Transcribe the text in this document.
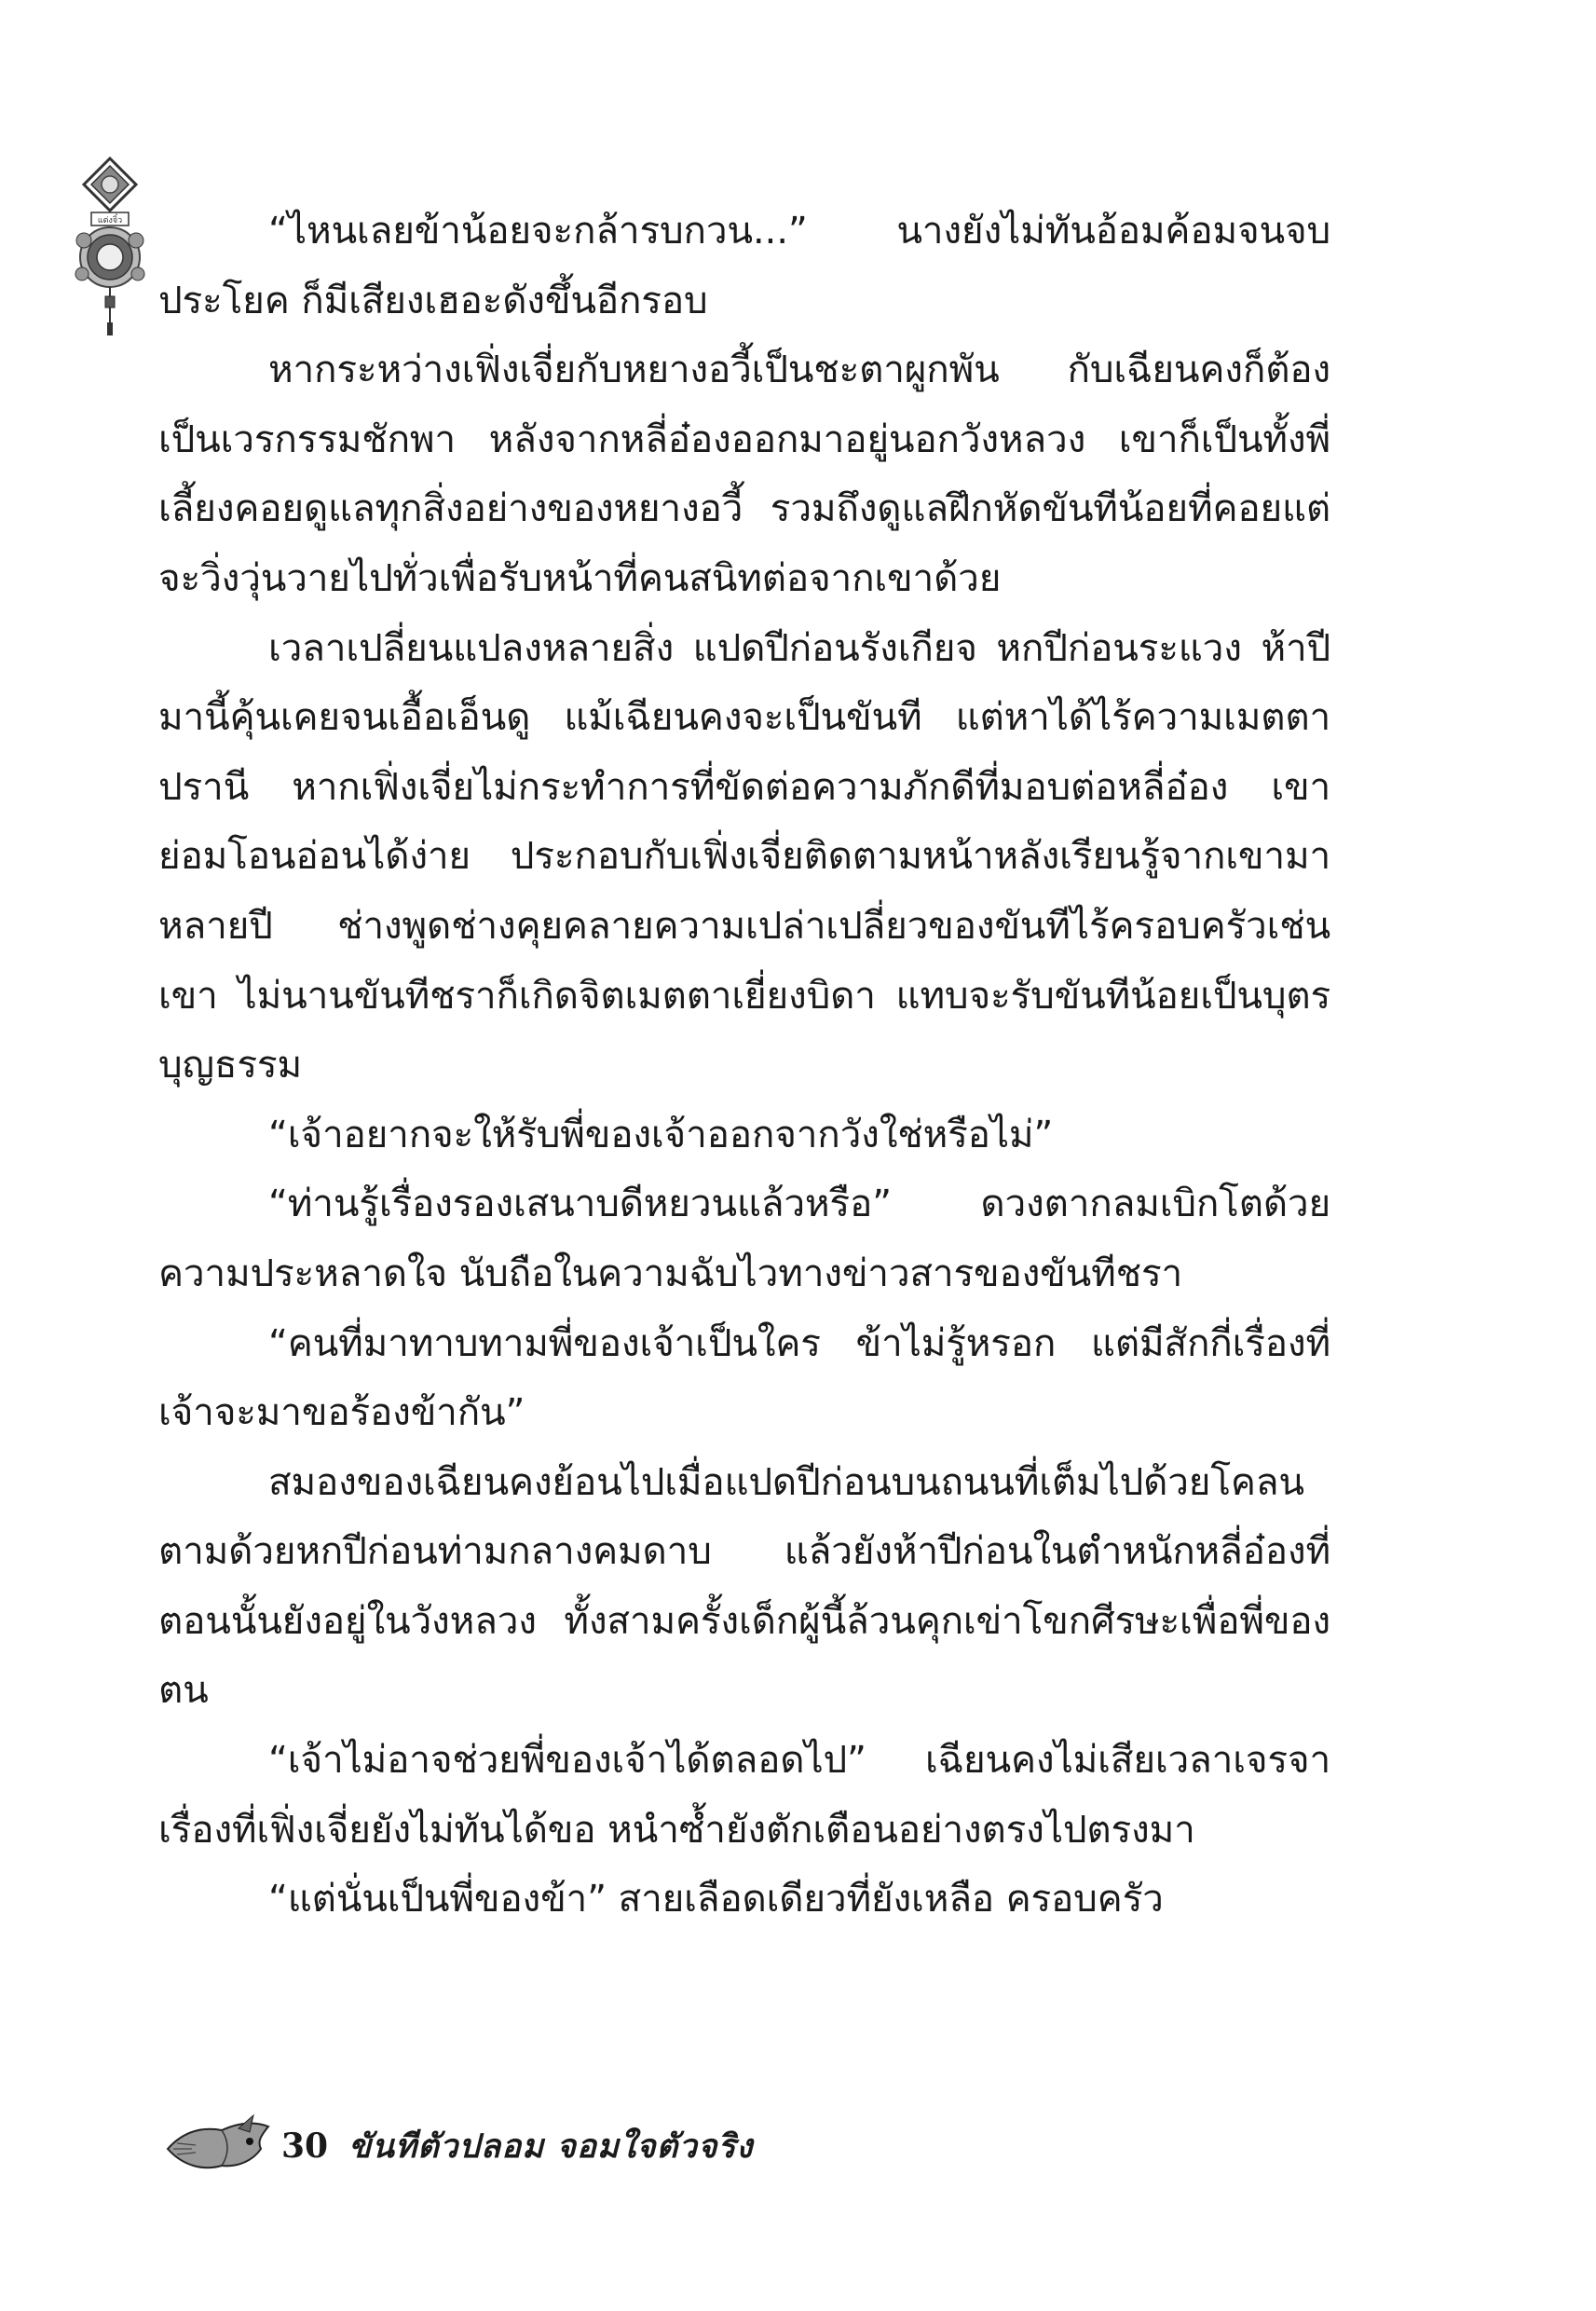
แต่งจิ๋ว	“ไหนเลยข้าน้อยจะกล้ารบกวน...” นางยังไม่ทันอ้อมค้อมจนจบประโยค ก็มีเสียงเฮอะดังขึ้นอีกรอบ

หากระหว่างเฟิ่งเจี่ยกับหยางอวี้เป็นชะตาผูกพัน กับเฉียนคงก็ต้องเป็นเวรกรรมชักพา หลังจากหลี่อ๋องออกมาอยู่นอกวังหลวง เขาก็เป็นทั้งพี่เลี้ยงคอยดูแลทุกสิ่งอย่างของหยางอวี้ รวมถึงดูแลฝึกหัดขันทีน้อยที่คอยแต่จะวิ่งวุ่นวายไปทั่วเพื่อรับหน้าที่คนสนิทต่อจากเขาด้วย

เวลาเปลี่ยนแปลงหลายสิ่ง แปดปีก่อนรังเกียจ หกปีก่อนระแวง ห้าปีมานี้คุ้นเคยจนเอื้อเอ็นดู แม้เฉียนคงจะเป็นขันที แต่หาได้ไร้ความเมตตาปรานี หากเฟิ่งเจี่ยไม่กระทำการที่ขัดต่อความภักดีที่มอบต่อหลี่อ๋อง เขาย่อมโอนอ่อนได้ง่าย ประกอบกับเฟิ่งเจี่ยติดตามหน้าหลังเรียนรู้จากเขามาหลายปี ช่างพูดช่างคุยคลายความเปล่าเปลี่ยวของขันทีไร้ครอบครัวเช่นเขา ไม่นานขันทีชราก็เกิดจิตเมตตาเยี่ยงบิดา แทบจะรับขันทีน้อยเป็นบุตรบุญธรรม

“เจ้าอยากจะให้รับพี่ของเจ้าออกจากวังใช่หรือไม่”

“ท่านรู้เรื่องรองเสนาบดีหยวนแล้วหรือ” ดวงตากลมเบิกโตด้วยความประหลาดใจ นับถือในความฉับไวทางข่าวสารของขันทีชรา

“คนที่มาทาบทามพี่ของเจ้าเป็นใคร ข้าไม่รู้หรอก แต่มีสักกี่เรื่องที่เจ้าจะมาขอร้องข้ากัน”

สมองของเฉียนคงย้อนไปเมื่อแปดปีก่อนบนถนนที่เต็มไปด้วยโคลน ตามด้วยหกปีก่อนท่ามกลางคมดาบ แล้วยังห้าปีก่อนในตำหนักหลี่อ๋องที่ตอนนั้นยังอยู่ในวังหลวง ทั้งสามครั้งเด็กผู้นี้ล้วนคุกเข่าโขกศีรษะเพื่อพี่ของตน

“เจ้าไม่อาจช่วยพี่ของเจ้าได้ตลอดไป” เฉียนคงไม่เสียเวลาเจรจาเรื่องที่เฟิ่งเจี่ยยังไม่ทันได้ขอ หนำซ้ำยังตักเตือนอย่างตรงไปตรงมา

“แต่นั่นเป็นพี่ของข้า” สายเลือดเดียวที่ยังเหลือ ครอบครัว

30 ขันทีตัวปลอม จอมใจตัวจริง
